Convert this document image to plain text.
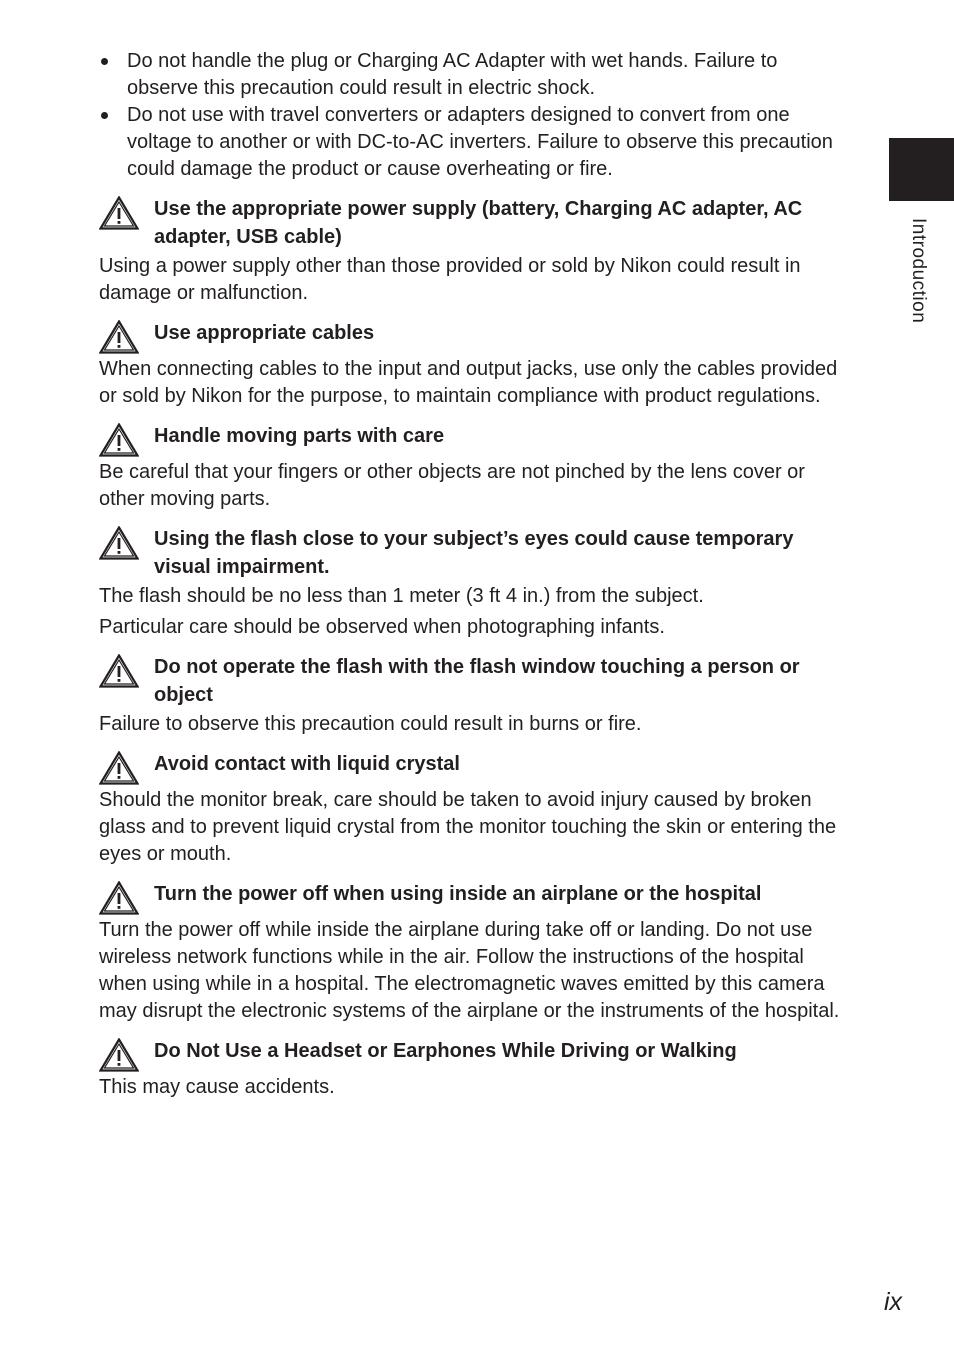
Introduction
Do not handle the plug or Charging AC Adapter with wet hands. Failure to observe this precaution could result in electric shock.
Do not use with travel converters or adapters designed to convert from one voltage to another or with DC-to-AC inverters. Failure to observe this precaution could damage the product or cause overheating or fire.
Use the appropriate power supply (battery, Charging AC adapter, AC adapter, USB cable)

Using a power supply other than those provided or sold by Nikon could result in damage or malfunction.

Use appropriate cables

When connecting cables to the input and output jacks, use only the cables provided or sold by Nikon for the purpose, to maintain compliance with product regulations.

Handle moving parts with care

Be careful that your fingers or other objects are not pinched by the lens cover or other moving parts.

Using the flash close to your subject’s eyes could cause temporary visual impairment.

The flash should be no less than 1 meter (3 ft 4 in.) from the subject.

Particular care should be observed when photographing infants.

Do not operate the flash with the flash window touching a person or object

Failure to observe this precaution could result in burns or fire.

Avoid contact with liquid crystal

Should the monitor break, care should be taken to avoid injury caused by broken glass and to prevent liquid crystal from the monitor touching the skin or entering the eyes or mouth.

Turn the power off when using inside an airplane or the hospital

Turn the power off while inside the airplane during take off or landing. Do not use wireless network functions while in the air. Follow the instructions of the hospital when using while in a hospital. The electromagnetic waves emitted by this camera may disrupt the electronic systems of the airplane or the instruments of the hospital.

Do Not Use a Headset or Earphones While Driving or Walking

This may cause accidents.

ix
